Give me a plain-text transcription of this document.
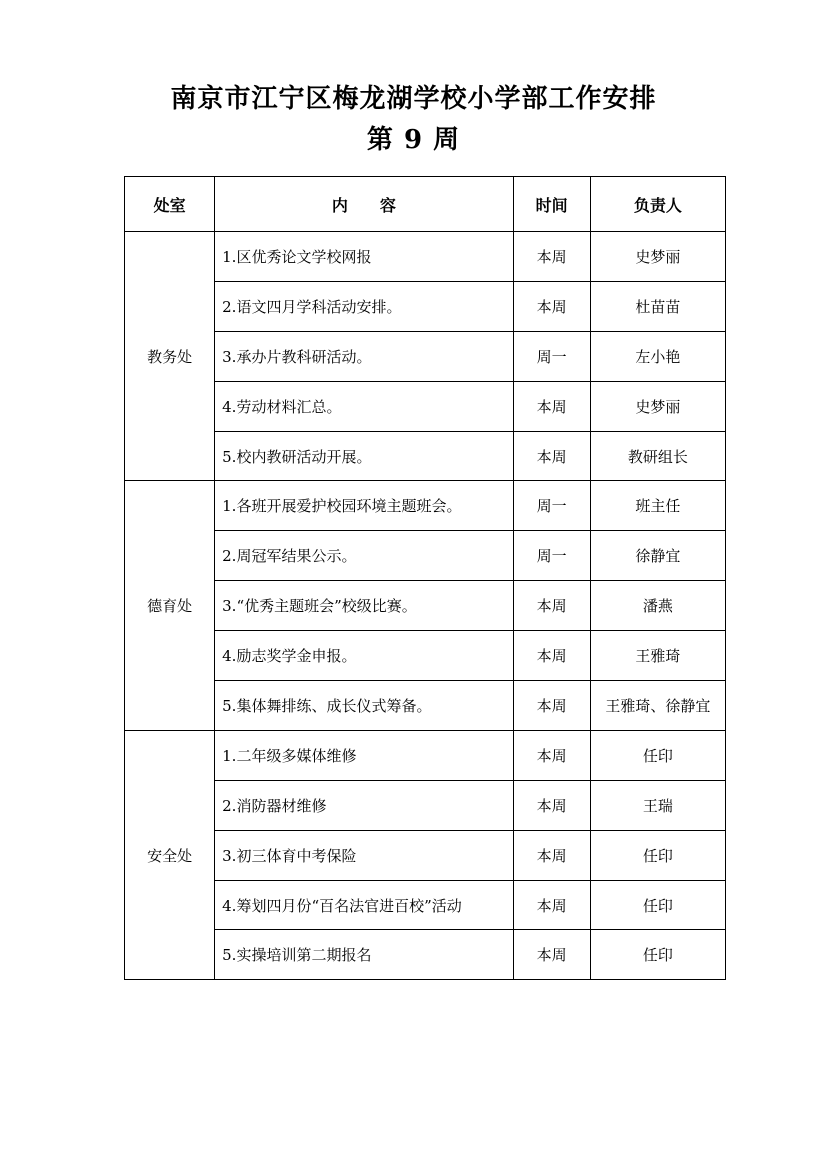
南京市江宁区梅龙湖学校小学部工作安排
第 9 周
处室	内　　容	时间	负责人
教务处	1.区优秀论文学校网报	本周	史梦丽
	2.语文四月学科活动安排。	本周	杜苗苗
	3.承办片教科研活动。	周一	左小艳
	4.劳动材料汇总。	本周	史梦丽
	5.校内教研活动开展。	本周	教研组长
德育处	1.各班开展爱护校园环境主题班会。	周一	班主任
	2.周冠军结果公示。	周一	徐静宜
	3.“优秀主题班会”校级比赛。	本周	潘燕
	4.励志奖学金申报。	本周	王雅琦
	5.集体舞排练、成长仪式筹备。	本周	王雅琦、徐静宜
安全处	1.二年级多媒体维修	本周	任印
	2.消防器材维修	本周	王瑞
	3.初三体育中考保险	本周	任印
	4.筹划四月份“百名法官进百校”活动	本周	任印
	5.实操培训第二期报名	本周	任印
